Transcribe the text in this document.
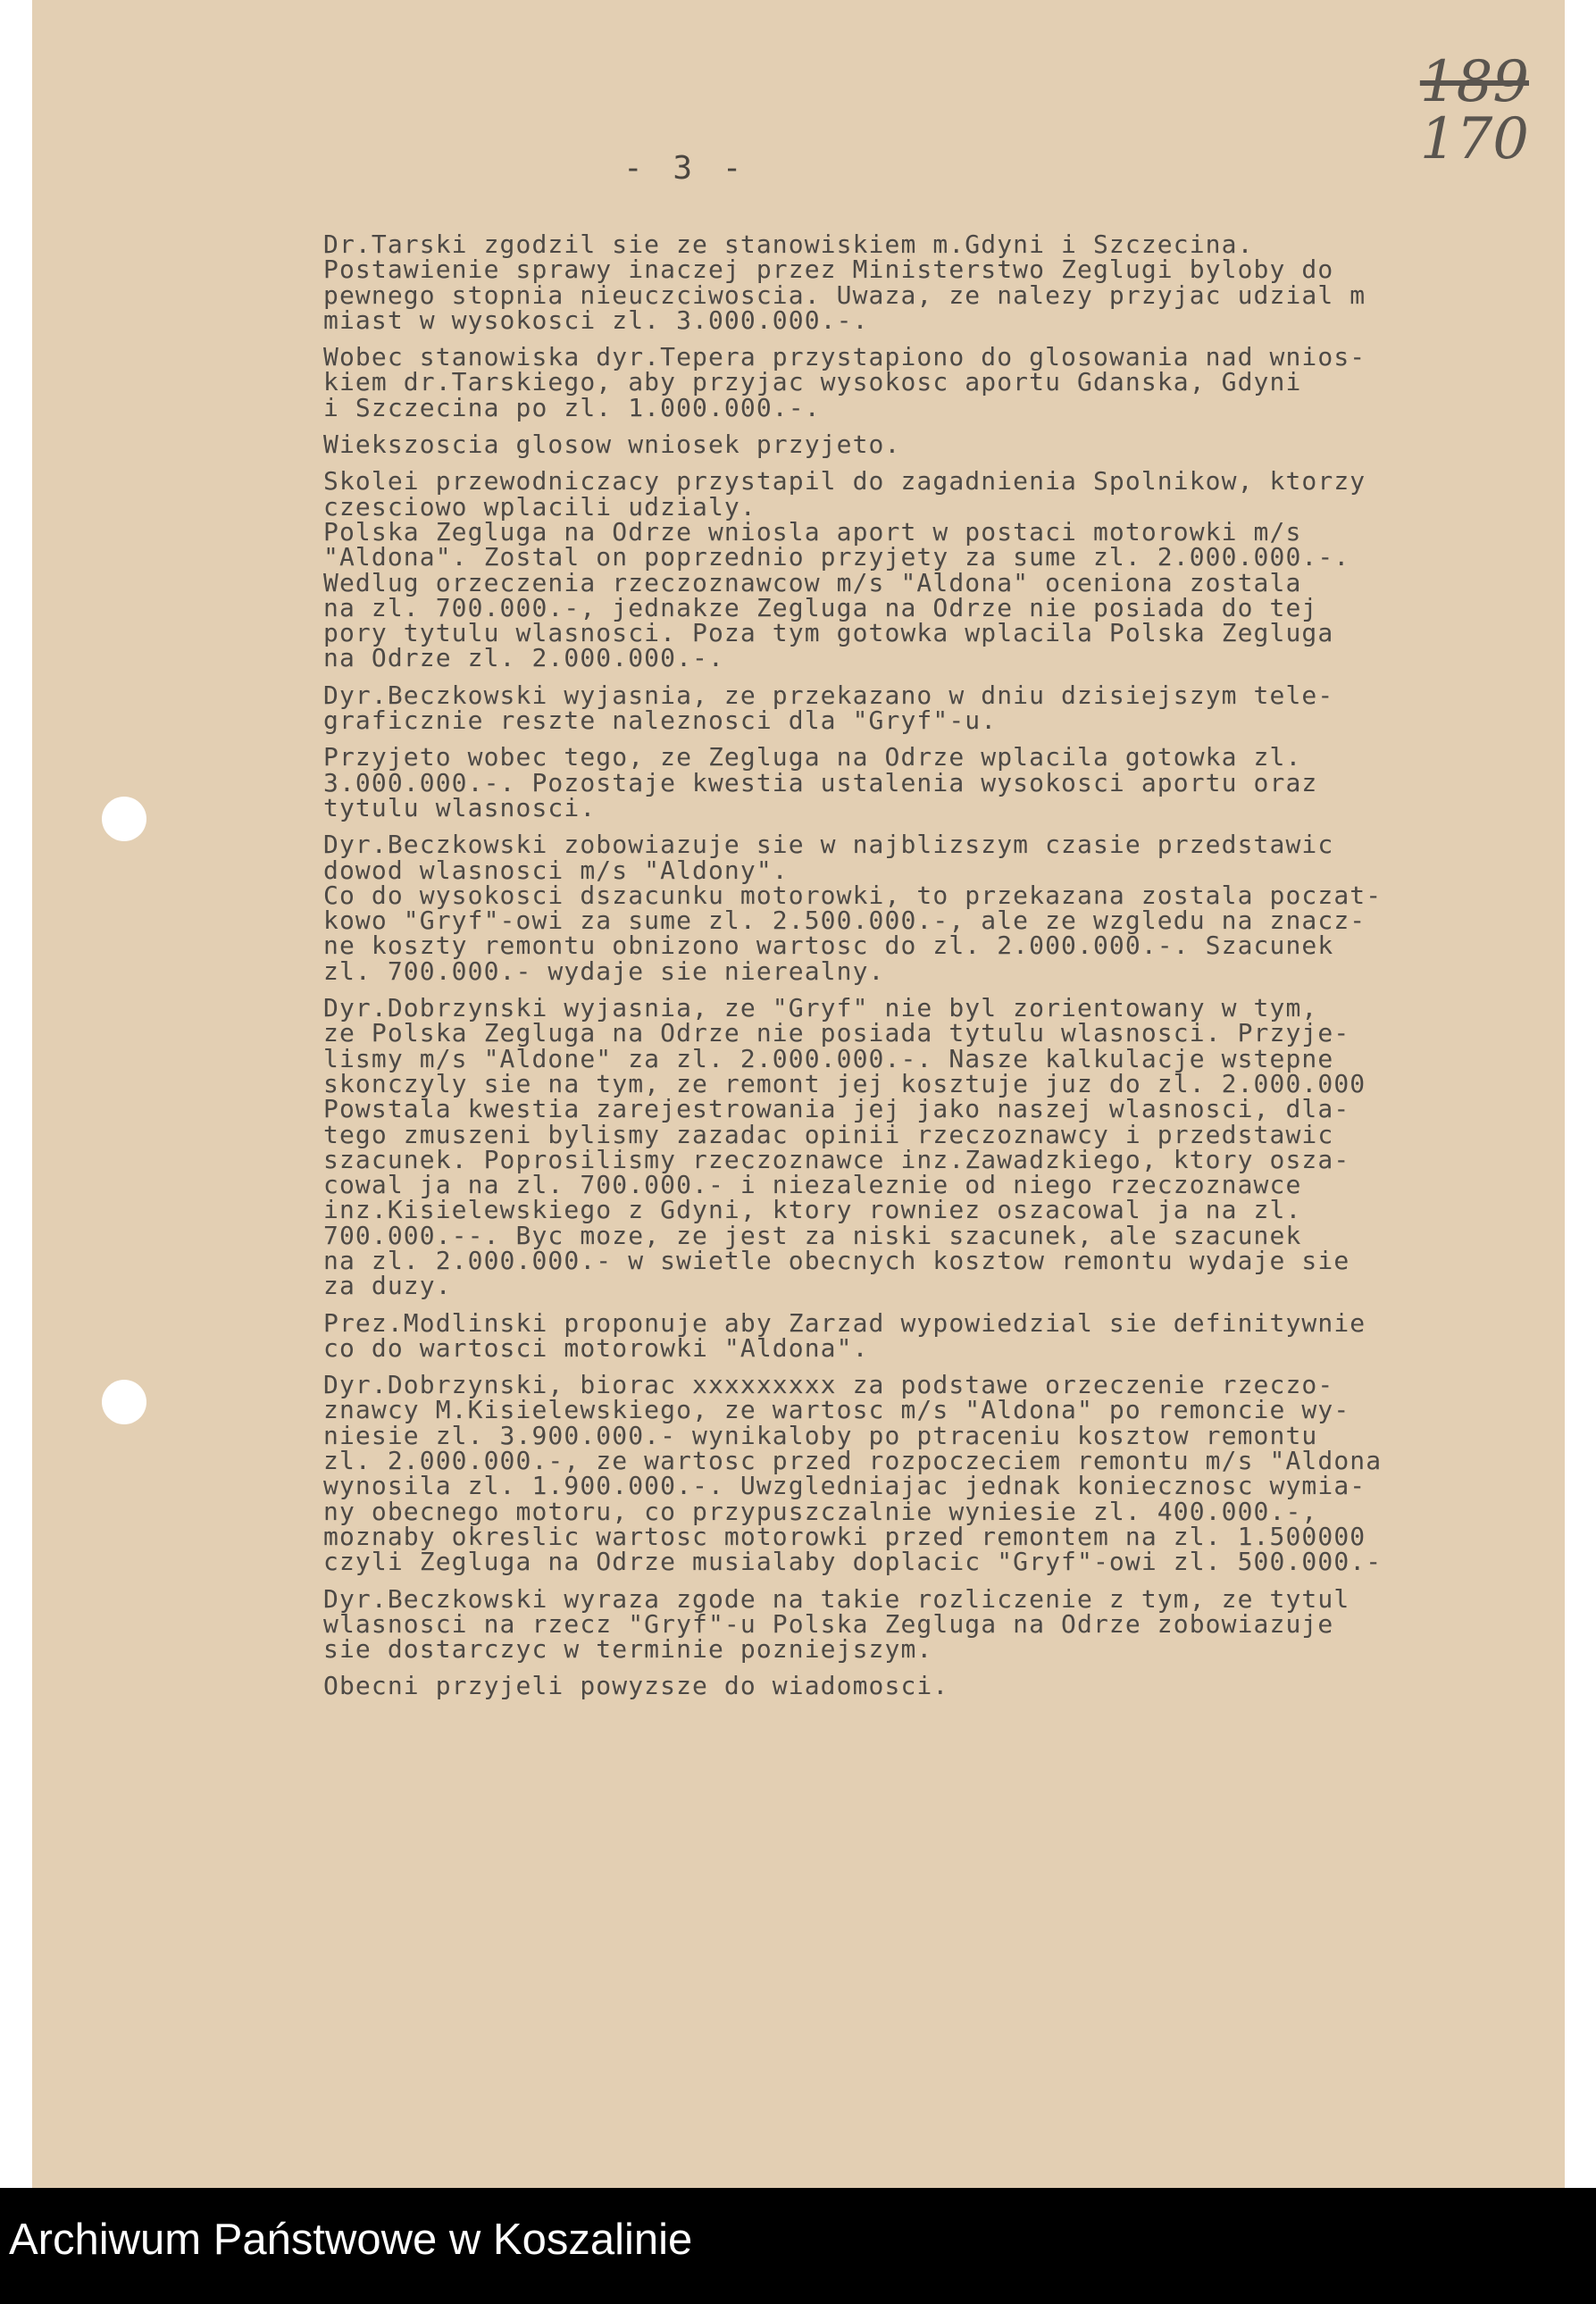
- 3 -
189
170

Dr.Tarski zgodzil sie ze stanowiskiem m.Gdyni i Szczecina.
Postawienie sprawy inaczej przez Ministerstwo Zeglugi byloby do
pewnego stopnia nieuczciwoscia. Uwaza, ze nalezy przyjac udzial m
miast w wysokosci zl. 3.000.000.-.

Wobec stanowiska dyr.Tepera przystapiono do glosowania nad wnios-
kiem dr.Tarskiego, aby przyjac wysokosc aportu Gdanska, Gdyni
i Szczecina po zl. 1.000.000.-.

Wiekszoscia glosow wniosek przyjeto.

Skolei przewodniczacy przystapil do zagadnienia Spolnikow, ktorzy
czesciowo wplacili udzialy.
Polska Zegluga na Odrze wniosla aport w postaci motorowki m/s
"Aldona". Zostal on poprzednio przyjety za sume zl. 2.000.000.-.
Wedlug orzeczenia rzeczoznawcow m/s "Aldona" oceniona zostala
na zl. 700.000.-, jednakze Zegluga na Odrze nie posiada do tej
pory tytulu wlasnosci. Poza tym gotowka wplacila Polska Zegluga
na Odrze zl. 2.000.000.-.

Dyr.Beczkowski wyjasnia, ze przekazano w dniu dzisiejszym tele-
graficznie reszte naleznosci dla "Gryf"-u.

Przyjeto wobec tego, ze Zegluga na Odrze wplacila gotowka zl.
3.000.000.-. Pozostaje kwestia ustalenia wysokosci aportu oraz
tytulu wlasnosci.

Dyr.Beczkowski zobowiazuje sie w najblizszym czasie przedstawic
dowod wlasnosci m/s "Aldony".
Co do wysokosci dszacunku motorowki, to przekazana zostala poczat-
kowo "Gryf"-owi za sume zl. 2.500.000.-, ale ze wzgledu na znacz-
ne koszty remontu obnizono wartosc do zl. 2.000.000.-. Szacunek
zl. 700.000.- wydaje sie nierealny.

Dyr.Dobrzynski wyjasnia, ze "Gryf" nie byl zorientowany w tym,
ze Polska Zegluga na Odrze nie posiada tytulu wlasnosci. Przyje-
lismy m/s "Aldone" za zl. 2.000.000.-. Nasze kalkulacje wstepne
skonczyly sie na tym, ze remont jej kosztuje juz do zl. 2.000.000
Powstala kwestia zarejestrowania jej jako naszej wlasnosci, dla-
tego zmuszeni bylismy zazadac opinii rzeczoznawcy i przedstawic
szacunek. Poprosilismy rzeczoznawce inz.Zawadzkiego, ktory osza-
cowal ja na zl. 700.000.- i niezaleznie od niego rzeczoznawce
inz.Kisielewskiego z Gdyni, ktory rowniez oszacowal ja na zl.
700.000.--. Byc moze, ze jest za niski szacunek, ale szacunek
na zl. 2.000.000.- w swietle obecnych kosztow remontu wydaje sie
za duzy.

Prez.Modlinski proponuje aby Zarzad wypowiedzial sie definitywnie
co do wartosci motorowki "Aldona".

Dyr.Dobrzynski, biorac xxxxxxxxx za podstawe orzeczenie rzeczo-
znawcy M.Kisielewskiego, ze wartosc m/s "Aldona" po remoncie wy-
niesie zl. 3.900.000.- wynikaloby po ptraceniu kosztow remontu
zl. 2.000.000.-, ze wartosc przed rozpoczeciem remontu m/s "Aldona
wynosila zl. 1.900.000.-. Uwzgledniajac jednak koniecznosc wymia-
ny obecnego motoru, co przypuszczalnie wyniesie zl. 400.000.-,
moznaby okreslic wartosc motorowki przed remontem na zl. 1.500000
czyli Zegluga na Odrze musialaby doplacic "Gryf"-owi zl. 500.000.-

Dyr.Beczkowski wyraza zgode na takie rozliczenie z tym, ze tytul
wlasnosci na rzecz "Gryf"-u Polska Zegluga na Odrze zobowiazuje
sie dostarczyc w terminie pozniejszym.

Obecni przyjeli powyzsze do wiadomosci.

Archiwum Państwowe w Koszalinie
